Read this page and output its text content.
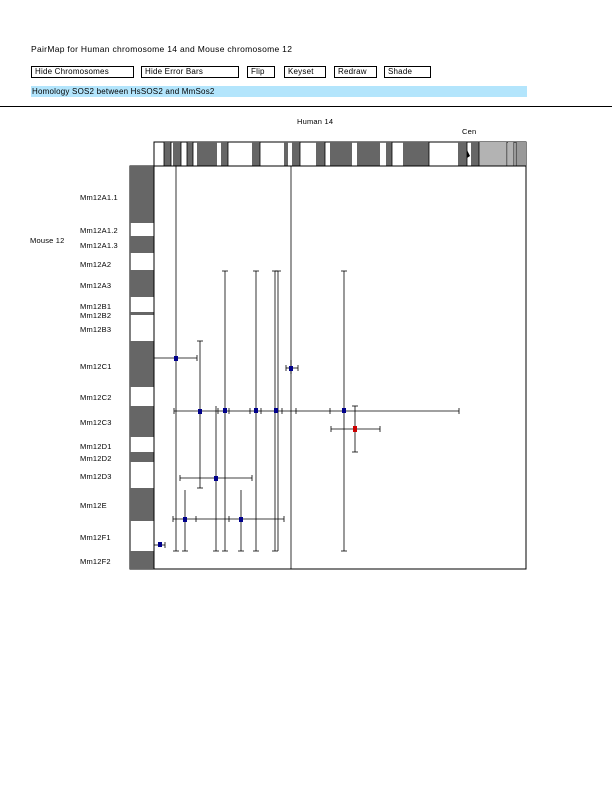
PairMap for Human chromosome 14 and Mouse chromosome 12
Hide Chromosomes	Hide Error Bars	Flip	Keyset	Redraw	Shade
Homology SOS2 between HsSOS2 and MmSos2
Human 14
Cen
Mouse 12
Mm12A1.1
Mm12A1.2
Mm12A1.3
Mm12A2
Mm12A3
Mm12B1
Mm12B2
Mm12B3
Mm12C1
Mm12C2
Mm12C3
Mm12D1
Mm12D2
Mm12D3
Mm12E
Mm12F1
Mm12F2
